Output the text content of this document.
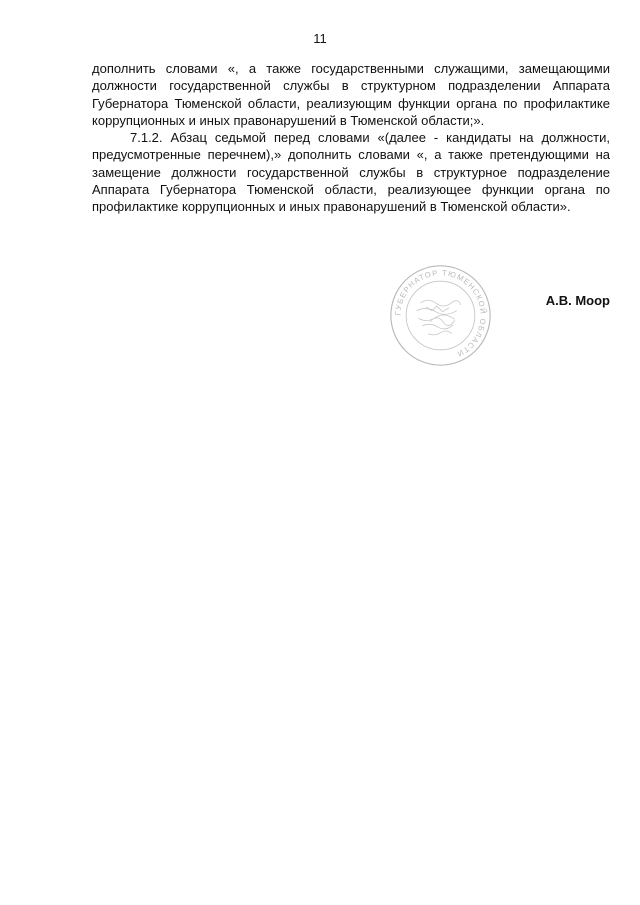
11

дополнить словами «, а также государственными служащими, замещающими должности государственной службы в структурном подразделении Аппарата Губернатора Тюменской области, реализующим функции органа по профилактике коррупционных и иных правонарушений в Тюменской области;».

7.1.2. Абзац седьмой перед словами «(далее - кандидаты на должности, предусмотренные перечнем),» дополнить словами «, а также претендующими на замещение должности государственной службы в структурное подразделение Аппарата Губернатора Тюменской области, реализующее функции органа по профилактике коррупционных и иных правонарушений в Тюменской области».

ГУБЕРНАТОР ТЮМЕНСКОЙ ОБЛАСТИ
А.В. Моор
